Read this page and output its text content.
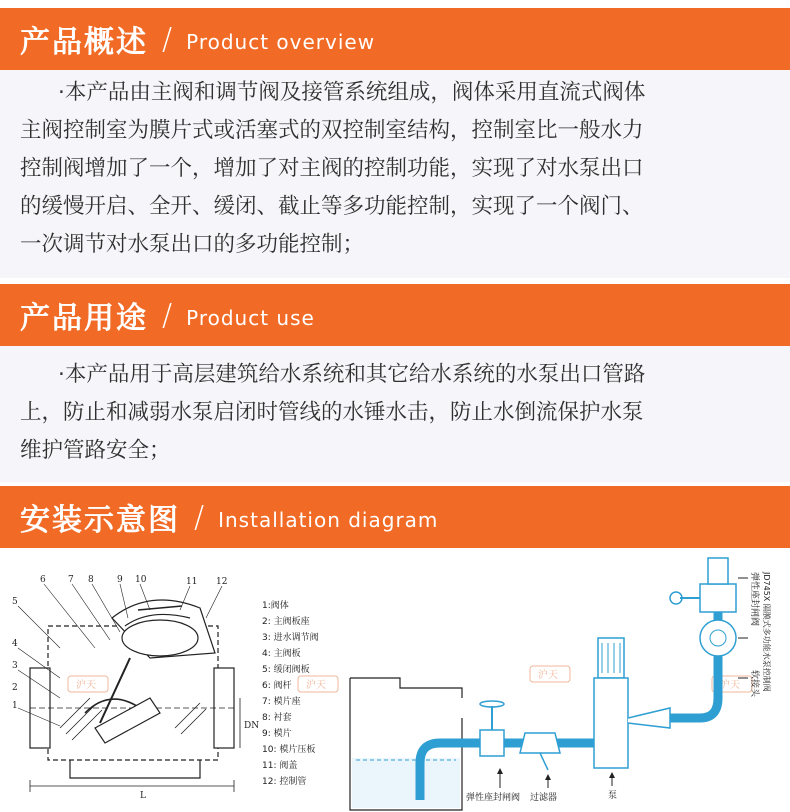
产品概述 / Product overview

·本产品由主阀和调节阀及接管系统组成，阀体采用直流式阀体

主阀控制室为膜片式或活塞式的双控制室结构，控制室比一般水力

控制阀增加了一个，增加了对主阀的控制功能，实现了对水泵出口

的缓慢开启、全开、缓闭、截止等多功能控制，实现了一个阀门、

一次调节对水泵出口的多功能控制；

产品用途 / Product use

·本产品用于高层建筑给水系统和其它给水系统的水泵出口管路

上，防止和减弱水泵启闭时管线的水锤水击，防止水倒流保护水泵

维护管路安全；

安装示意图 / Installation diagram
6 7 8	9 10	11 12
5
4
3
2
1
L
DN
沪天	沪天
沪天
沪天
1:阀体
2: 主阀板座
3: 进水调节阀
4: 主阀板
5: 缓闭阀板
6: 阀杆
7: 模片座
8: 衬套
9: 模片
10: 模片压板
11: 阀盖
12: 控制管
弹性座封闸阀 过滤器	泵
弹性座封闸阀 JD745X 隔膜式多功能水泵控制阀
软接头
